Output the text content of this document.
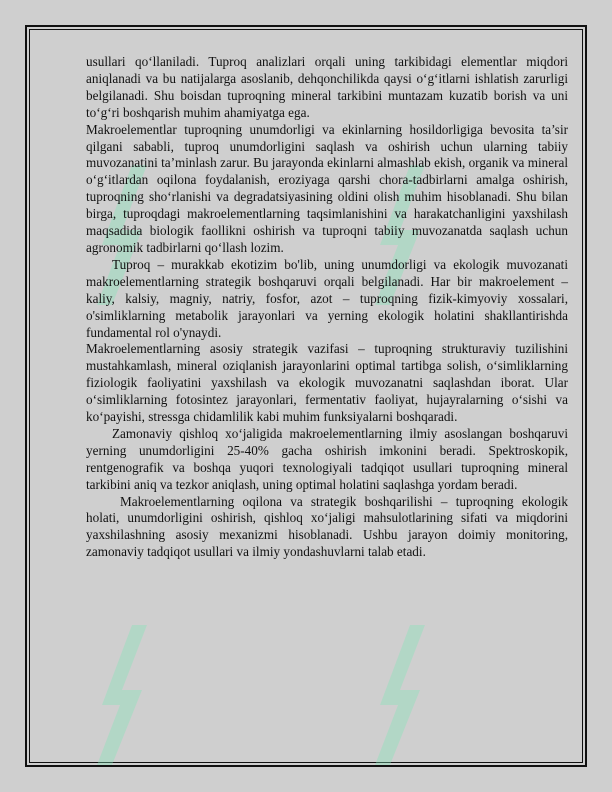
usullari qo‘llaniladi. Tuproq analizlari orqali uning tarkibidagi elementlar miqdori aniqlanadi va bu natijalarga asoslanib, dehqonchilikda qaysi o‘g‘itlarni ishlatish zarurligi belgilanadi. Shu boisdan tuproqning mineral tarkibini muntazam kuzatib borish va uni to‘g‘ri boshqarish muhim ahamiyatga ega.

Makroelementlar tuproqning unumdorligi va ekinlarning hosildorligiga bevosita ta’sir qilgani sababli, tuproq unumdorligini saqlash va oshirish uchun ularning tabiiy muvozanatini ta’minlash zarur. Bu jarayonda ekinlarni almashlab ekish, organik va mineral o‘g‘itlardan oqilona foydalanish, eroziyaga qarshi chora-tadbirlarni amalga oshirish, tuproqning sho‘rlanishi va degradatsiyasining oldini olish muhim hisoblanadi. Shu bilan birga, tuproqdagi makroelementlarning taqsimlanishini va harakatchanligini yaxshilash maqsadida biologik faollikni oshirish va tuproqni tabiiy muvozanatda saqlash uchun agronomik tadbirlarni qo‘llash lozim.

Tuproq – murakkab ekotizim bo'lib, uning unumdorligi va ekologik muvozanati makroelementlarning strategik boshqaruvi orqali belgilanadi. Har bir makroelement – kaliy, kalsiy, magniy, natriy, fosfor, azot – tuproqning fizik-kimyoviy xossalari, o'simliklarning metabolik jarayonlari va yerning ekologik holatini shakllantirishda fundamental rol o'ynaydi.

Makroelementlarning asosiy strategik vazifasi – tuproqning strukturaviy tuzilishini mustahkamlash, mineral oziqlanish jarayonlarini optimal tartibga solish, o‘simliklarning fiziologik faoliyatini yaxshilash va ekologik muvozanatni saqlashdan iborat. Ular o‘simliklarning fotosintez jarayonlari, fermentativ faoliyat, hujayralarning o‘sishi va ko‘payishi, stressga chidamlilik kabi muhim funksiyalarni boshqaradi.

Zamonaviy qishloq xo‘jaligida makroelementlarning ilmiy asoslangan boshqaruvi yerning unumdorligini 25-40% gacha oshirish imkonini beradi. Spektroskopik, rentgenografik va boshqa yuqori texnologiyali tadqiqot usullari tuproqning mineral tarkibini aniq va tezkor aniqlash, uning optimal holatini saqlashga yordam beradi.

Makroelementlarning oqilona va strategik boshqarilishi – tuproqning ekologik holati, unumdorligini oshirish, qishloq xo‘jaligi mahsulotlarining sifati va miqdorini yaxshilashning asosiy mexanizmi hisoblanadi. Ushbu jarayon doimiy monitoring, zamonaviy tadqiqot usullari va ilmiy yondashuvlarni talab etadi.
